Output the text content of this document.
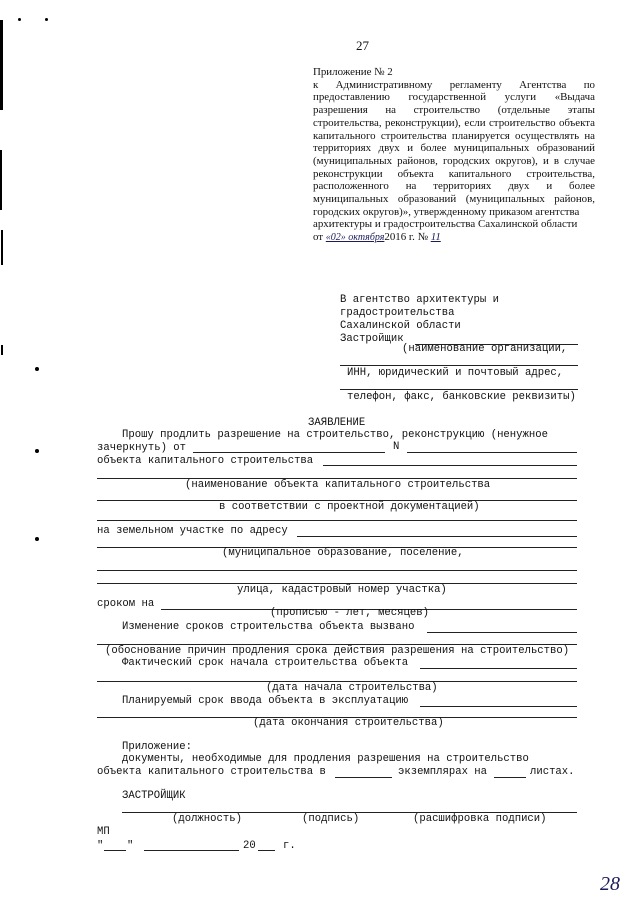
27
Приложение № 2
к Административному регламенту Агентства по
предоставлению государственной услуги «Выдача
разрешения на строительство (отдельные этапы
строительства, реконструкции), если строительство объекта
капитального строительства планируется осуществлять на
территориях двух и более муниципальных образований
(муниципальных районов, городских округов), и в случае
реконструкции объекта капитального строительства,
расположенного на территориях двух и более
муниципальных образований (муниципальных районов,
городских округов)», утвержденному приказом агентства
архитектуры и градостроительства Сахалинской области
от «02» октября2016 г. № 11
В агентство архитектуры и
градостроительства
Сахалинской области
Застройщик
(наименование организации,
ИНН, юридический и почтовый адрес,
телефон, факс, банковские реквизиты)
ЗАЯВЛЕНИЕ
Прошу продлить разрешение на строительство, реконструкцию (ненужное
зачеркнуть) от	N
объекта капитального строительства
(наименование объекта капитального строительства
в соответствии с проектной документацией)
на земельном участке по адресу
(муниципальное образование, поселение,
улица, кадастровый номер участка)
сроком на
(прописью - лет, месяцев)
Изменение сроков строительства объекта вызвано
(обоснование причин продления срока действия разрешения на строительство)
Фактический срок начала строительства объекта
(дата начала строительства)
Планируемый срок ввода объекта в эксплуатацию
(дата окончания строительства)
Приложение:
документы, необходимые для продления разрешения на строительство
объекта капитального строительства в	экземплярах на	листах.
ЗАСТРОЙЩИК
(должность)	(подпись)	(расшифровка подписи)
МП
" "	20	г.
28
